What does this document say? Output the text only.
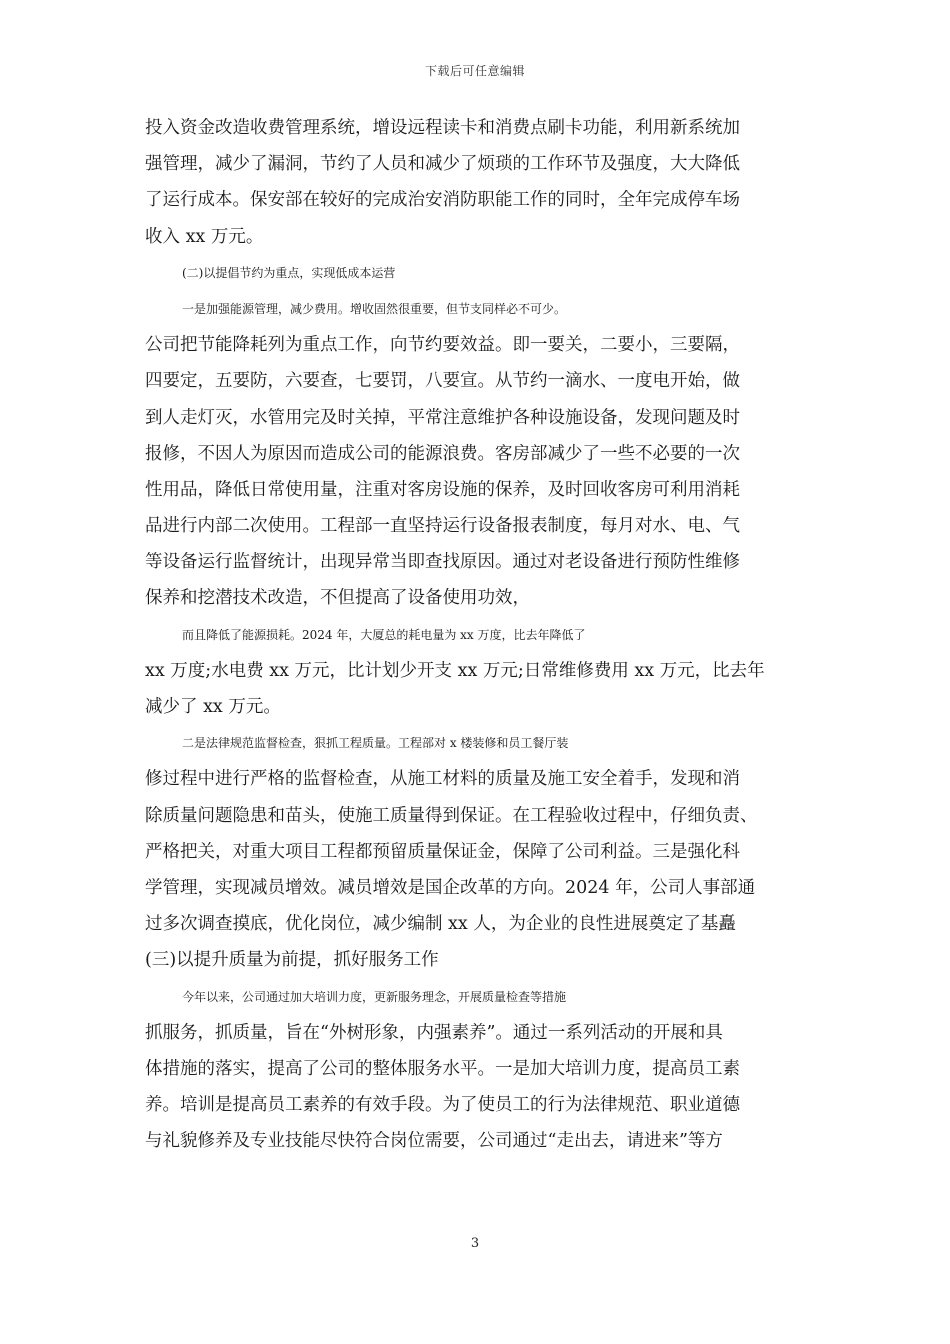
下载后可任意编辑
投入资金改造收费管理系统，增设远程读卡和消费点刷卡功能，利用新系统加
强管理，减少了漏洞，节约了人员和减少了烦琐的工作环节及强度，大大降低
了运行成本。保安部在较好的完成治安消防职能工作的同时，全年完成停车场
收入 xx 万元。
(二)以提倡节约为重点，实现低成本运营
一是加强能源管理，减少费用。增收固然很重要，但节支同样必不可少。
公司把节能降耗列为重点工作，向节约要效益。即一要关，二要小，三要隔，
四要定，五要防，六要查，七要罚，八要宣。从节约一滴水、一度电开始，做
到人走灯灭，水管用完及时关掉，平常注意维护各种设施设备，发现问题及时
报修，不因人为原因而造成公司的能源浪费。客房部减少了一些不必要的一次
性用品，降低日常使用量，注重对客房设施的保养，及时回收客房可利用消耗
品进行内部二次使用。工程部一直坚持运行设备报表制度，每月对水、电、气
等设备运行监督统计，出现异常当即查找原因。通过对老设备进行预防性维修
保养和挖潜技术改造，不但提高了设备使用功效，
而且降低了能源损耗。2024 年，大厦总的耗电量为 xx 万度，比去年降低了
xx 万度;水电费 xx 万元，比计划少开支 xx 万元;日常维修费用 xx 万元，比去年
减少了 xx 万元。
二是法律规范监督检查，狠抓工程质量。工程部对 x 楼装修和员工餐厅装
修过程中进行严格的监督检查，从施工材料的质量及施工安全着手，发现和消
除质量问题隐患和苗头，使施工质量得到保证。在工程验收过程中，仔细负责、
严格把关，对重大项目工程都预留质量保证金，保障了公司利益。三是强化科
学管理，实现减员增效。减员增效是国企改革的方向。2024 年，公司人事部通
过多次调查摸底，优化岗位，减少编制 xx 人，为企业的良性进展奠定了基矗
(三)以提升质量为前提，抓好服务工作
今年以来，公司通过加大培训力度，更新服务理念，开展质量检查等措施
抓服务，抓质量，旨在“外树形象，内强素养”。通过一系列活动的开展和具
体措施的落实，提高了公司的整体服务水平。一是加大培训力度，提高员工素
养。培训是提高员工素养的有效手段。为了使员工的行为法律规范、职业道德
与礼貌修养及专业技能尽快符合岗位需要，公司通过“走出去，请进来”等方
3
